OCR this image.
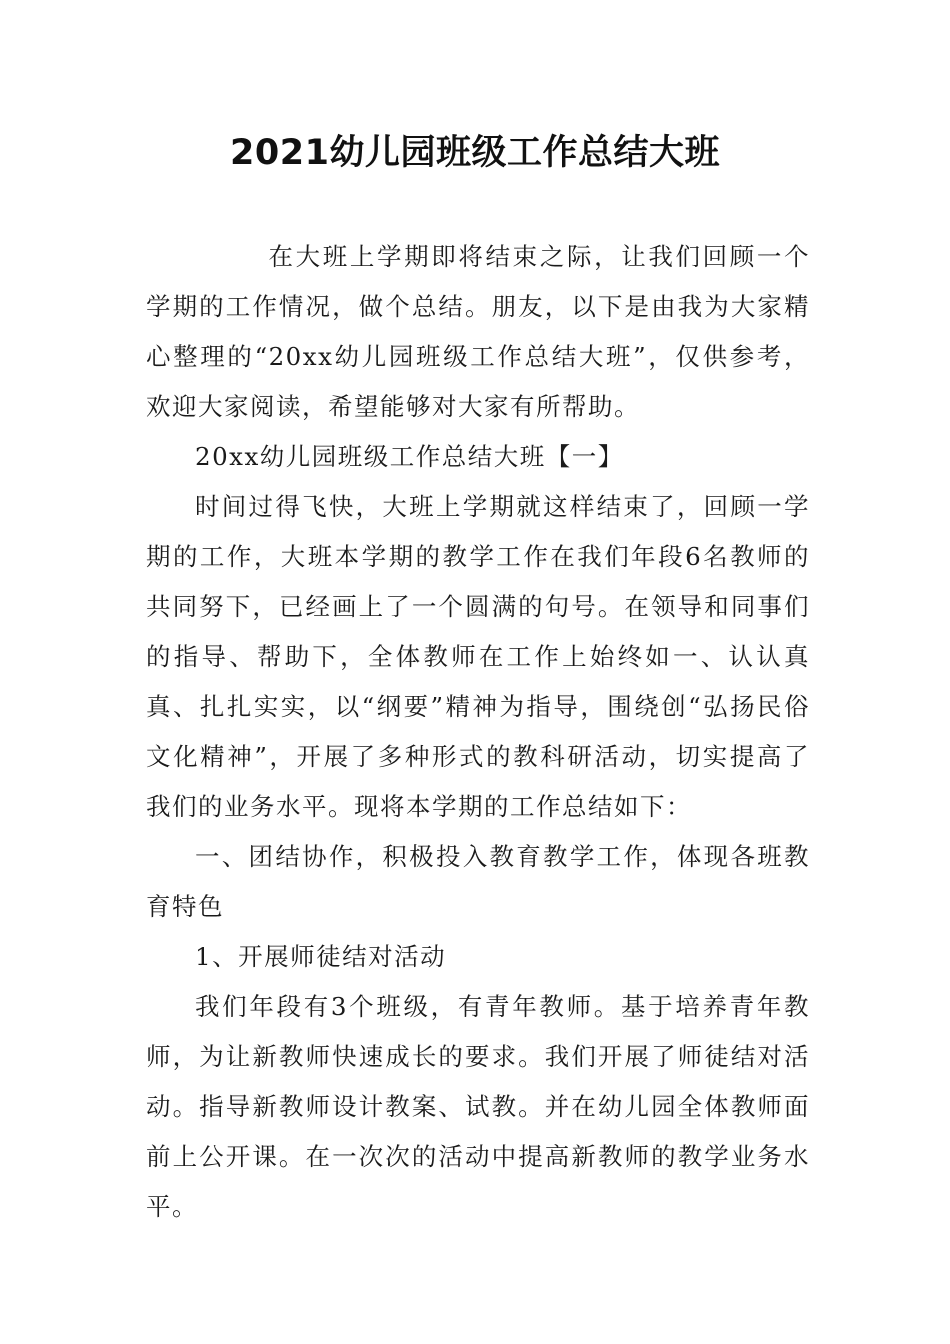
2021幼儿园班级工作总结大班

在大班上学期即将结束之际，让我们回顾一个学期的工作情况，做个总结。朋友，以下是由我为大家精心整理的“20xx幼儿园班级工作总结大班”，仅供参考，欢迎大家阅读，希望能够对大家有所帮助。

20xx幼儿园班级工作总结大班【一】

时间过得飞快，大班上学期就这样结束了，回顾一学期的工作，大班本学期的教学工作在我们年段6名教师的共同努下，已经画上了一个圆满的句号。在领导和同事们的指导、帮助下，全体教师在工作上始终如一、认认真真、扎扎实实，以“纲要”精神为指导，围绕创“弘扬民俗文化精神”，开展了多种形式的教科研活动，切实提高了我们的业务水平。现将本学期的工作总结如下：

一、团结协作，积极投入教育教学工作，体现各班教育特色

1、开展师徒结对活动

我们年段有3个班级，有青年教师。基于培养青年教师，为让新教师快速成长的要求。我们开展了师徒结对活动。指导新教师设计教案、试教。并在幼儿园全体教师面前上公开课。在一次次的活动中提高新教师的教学业务水平。
